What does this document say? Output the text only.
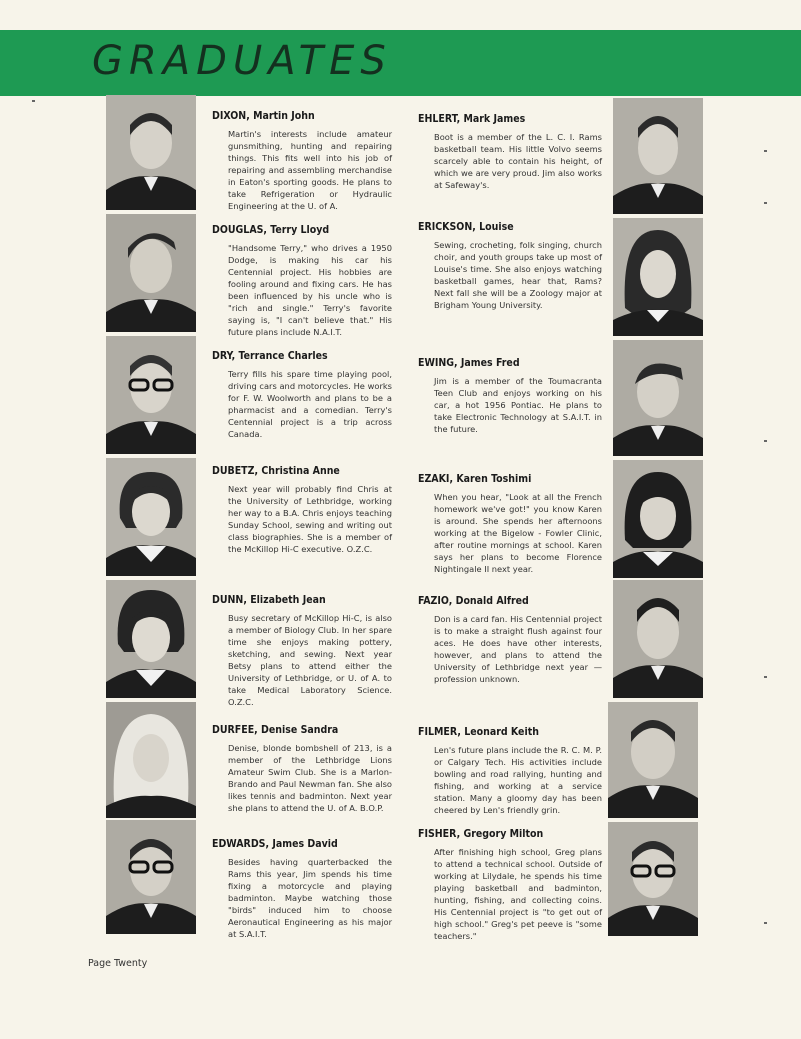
GRADUATES
DIXON, Martin John
Martin's interests include amateur gunsmithing, hunting and repairing things. This fits well into his job of repairing and assembling merchandise in Eaton's sporting goods. He plans to take Refrigeration or Hydraulic Engineering at the U. of A.
DOUGLAS, Terry Lloyd
"Handsome Terry," who drives a 1950 Dodge, is making his car his Centennial project. His hobbies are fooling around and fixing cars. He has been influenced by his uncle who is "rich and single." Terry's favorite saying is, "I can't believe that." His future plans include N.A.I.T.
DRY, Terrance Charles
Terry fills his spare time playing pool, driving cars and motorcycles. He works for F. W. Woolworth and plans to be a pharmacist and a comedian. Terry's Centennial project is a trip across Canada.
DUBETZ, Christina Anne
Next year will probably find Chris at the University of Lethbridge, working her way to a B.A. Chris enjoys teaching Sunday School, sewing and writing out class biographies. She is a member of the McKillop Hi-C executive. O.Z.C.
DUNN, Elizabeth Jean
Busy secretary of McKillop Hi-C, is also a member of Biology Club. In her spare time she enjoys making pottery, sketching, and sewing. Next year Betsy plans to attend either the University of Lethbridge, or U. of A. to take Medical Laboratory Science. O.Z.C.
DURFEE, Denise Sandra
Denise, blonde bombshell of 213, is a member of the Lethbridge Lions Amateur Swim Club. She is a Marlon- Brando and Paul Newman fan. She also likes tennis and badminton. Next year she plans to attend the U. of A. B.O.P.
EDWARDS, James David
Besides having quarterbacked the Rams this year, Jim spends his time fixing a motorcycle and playing badminton. Maybe watching those "birds" induced him to choose Aeronautical Engineering as his major at S.A.I.T.
EHLERT, Mark James
Boot is a member of the L. C. I. Rams basketball team. His little Volvo seems scarcely able to contain his height, of which we are very proud. Jim also works at Safeway's.
ERICKSON, Louise
Sewing, crocheting, folk singing, church choir, and youth groups take up most of Louise's time. She also enjoys watching basketball games, hear that, Rams? Next fall she will be a Zoology major at Brigham Young University.
EWING, James Fred
Jim is a member of the Toumacranta Teen Club and enjoys working on his car, a hot 1956 Pontiac. He plans to take Electronic Technology at S.A.I.T. in the future.
EZAKI, Karen Toshimi
When you hear, "Look at all the French homework we've got!" you know Karen is around. She spends her afternoons working at the Bigelow - Fowler Clinic, after routine mornings at school. Karen says her plans to become Florence Nightingale II next year.
FAZIO, Donald Alfred
Don is a card fan. His Centennial project is to make a straight flush against four aces. He does have other interests, however, and plans to attend the University of Lethbridge next year — profession unknown.
FILMER, Leonard Keith
Len's future plans include the R. C. M. P. or Calgary Tech. His activities include bowling and road rallying, hunting and fishing, and working at a service station. Many a gloomy day has been cheered by Len's friendly grin.
FISHER, Gregory Milton
After finishing high school, Greg plans to attend a technical school. Outside of working at Lilydale, he spends his time playing basketball and badminton, hunting, fishing, and collecting coins. His Centennial project is "to get out of high school." Greg's pet peeve is "some teachers."
Page Twenty
